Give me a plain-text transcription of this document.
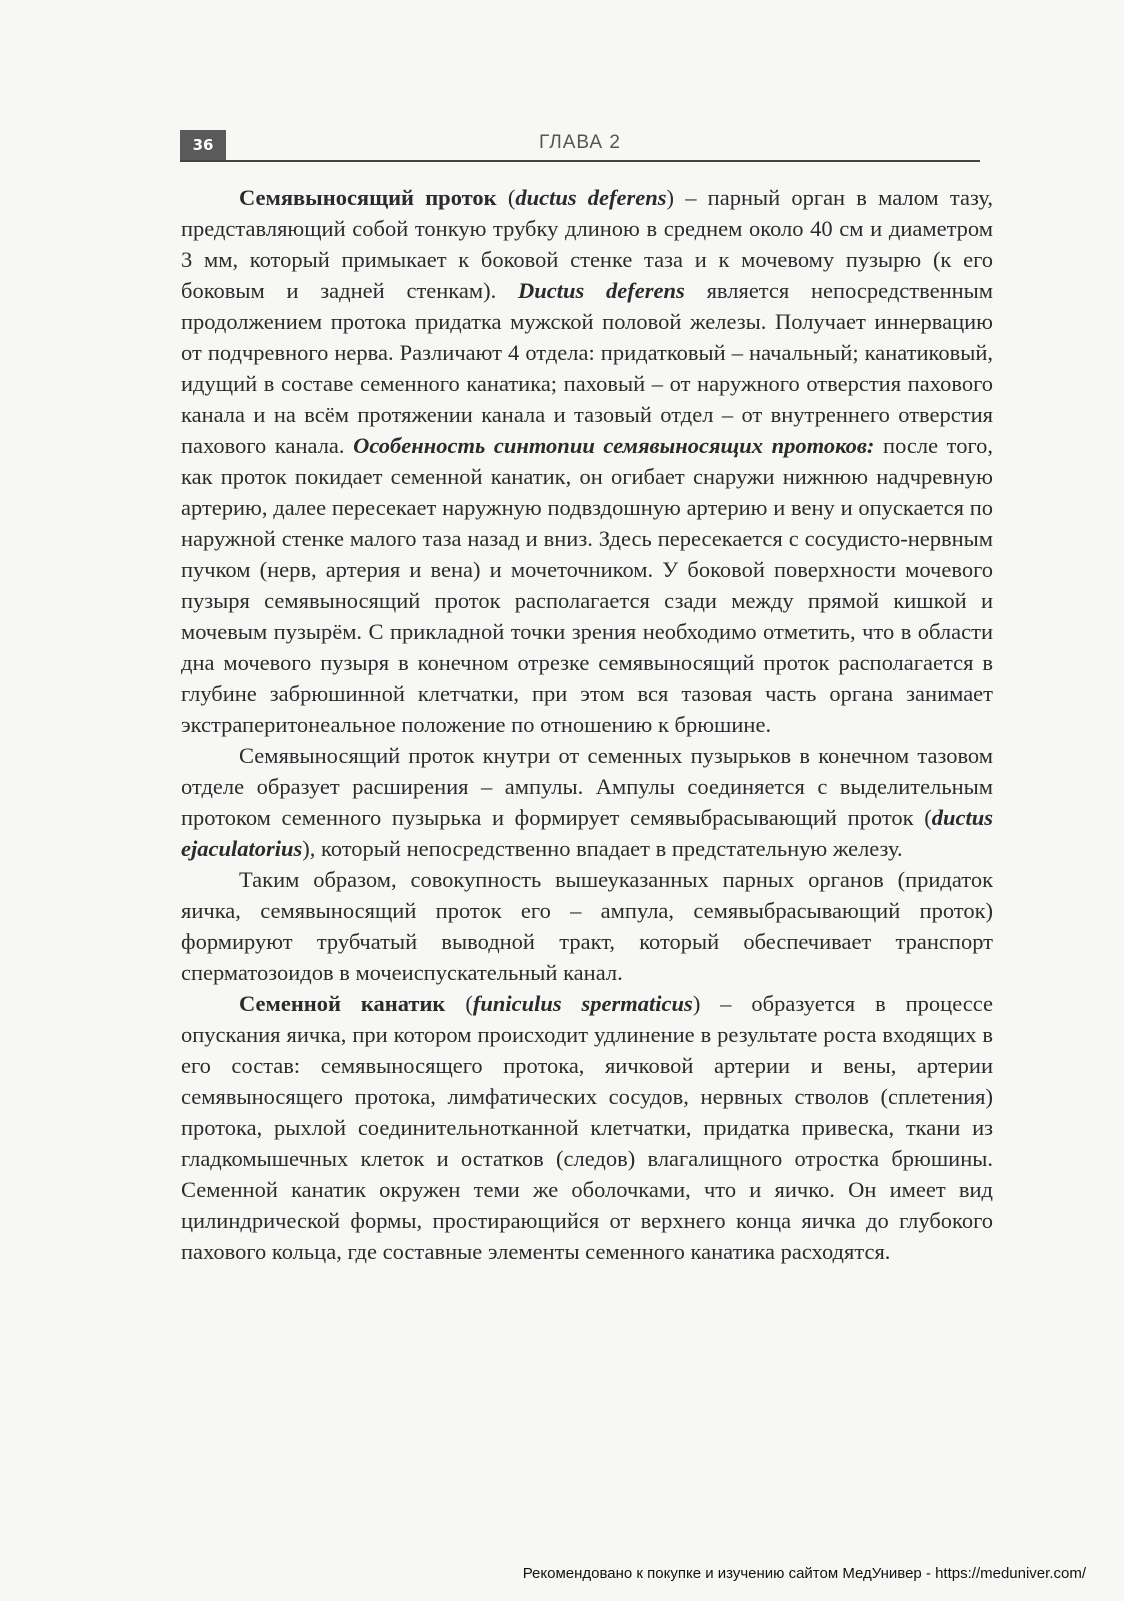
36	ГЛАВА 2

Семявыносящий проток (ductus deferens) – парный орган в малом тазу, представляющий собой тонкую трубку длиною в среднем около 40 см и диаметром 3 мм, который примыкает к боковой стенке таза и к мочевому пузырю (к его боковым и задней стенкам). Ductus deferens является непосредственным продолжением протока придатка мужской половой железы. Получает иннервацию от подчревного нерва. Различают 4 отдела: придатковый – начальный; канатиковый, идущий в составе семенного канатика; паховый – от наружного отверстия пахового канала и на всём протяжении канала и тазовый отдел – от внутреннего отверстия пахового канала. Особенность синтопии семявыносящих протоков: после того, как проток покидает семенной канатик, он огибает снаружи нижнюю надчревную артерию, далее пересекает наружную подвздошную артерию и вену и опускается по наружной стенке малого таза назад и вниз. Здесь пересекается с сосудисто-нервным пучком (нерв, артерия и вена) и мочеточником. У боковой поверхности мочевого пузыря семявыносящий проток располагается сзади между прямой кишкой и мочевым пузырём. С прикладной точки зрения необходимо отметить, что в области дна мочевого пузыря в конечном отрезке семявыносящий проток располагается в глубине забрюшинной клетчатки, при этом вся тазовая часть органа занимает экстраперитонеальное положение по отношению к брюшине.

Семявыносящий проток кнутри от семенных пузырьков в конечном тазовом отделе образует расширения – ампулы. Ампулы соединяется с выделительным протоком семенного пузырька и формирует семявыбрасывающий проток (ductus ejaculatorius), который непосредственно впадает в предстательную железу.

Таким образом, совокупность вышеуказанных парных органов (придаток яичка, семявыносящий проток его – ампула, семявыбрасывающий проток) формируют трубчатый выводной тракт, который обеспечивает транспорт сперматозоидов в мочеиспускательный канал.

Семенной канатик (funiculus spermaticus) – образуется в процессе опускания яичка, при котором происходит удлинение в результате роста входящих в его состав: семявыносящего протока, яичковой артерии и вены, артерии семявыносящего протока, лимфатических сосудов, нервных стволов (сплетения) протока, рыхлой соединительнотканной клетчатки, придатка привеска, ткани из гладкомышечных клеток и остатков (следов) влагалищного отростка брюшины. Семенной канатик окружен теми же оболочками, что и яичко. Он имеет вид цилиндрической формы, простирающийся от верхнего конца яичка до глубокого пахового кольца, где составные элементы семенного канатика расходятся.

Рекомендовано к покупке и изучению сайтом МедУнивер - https://meduniver.com/
